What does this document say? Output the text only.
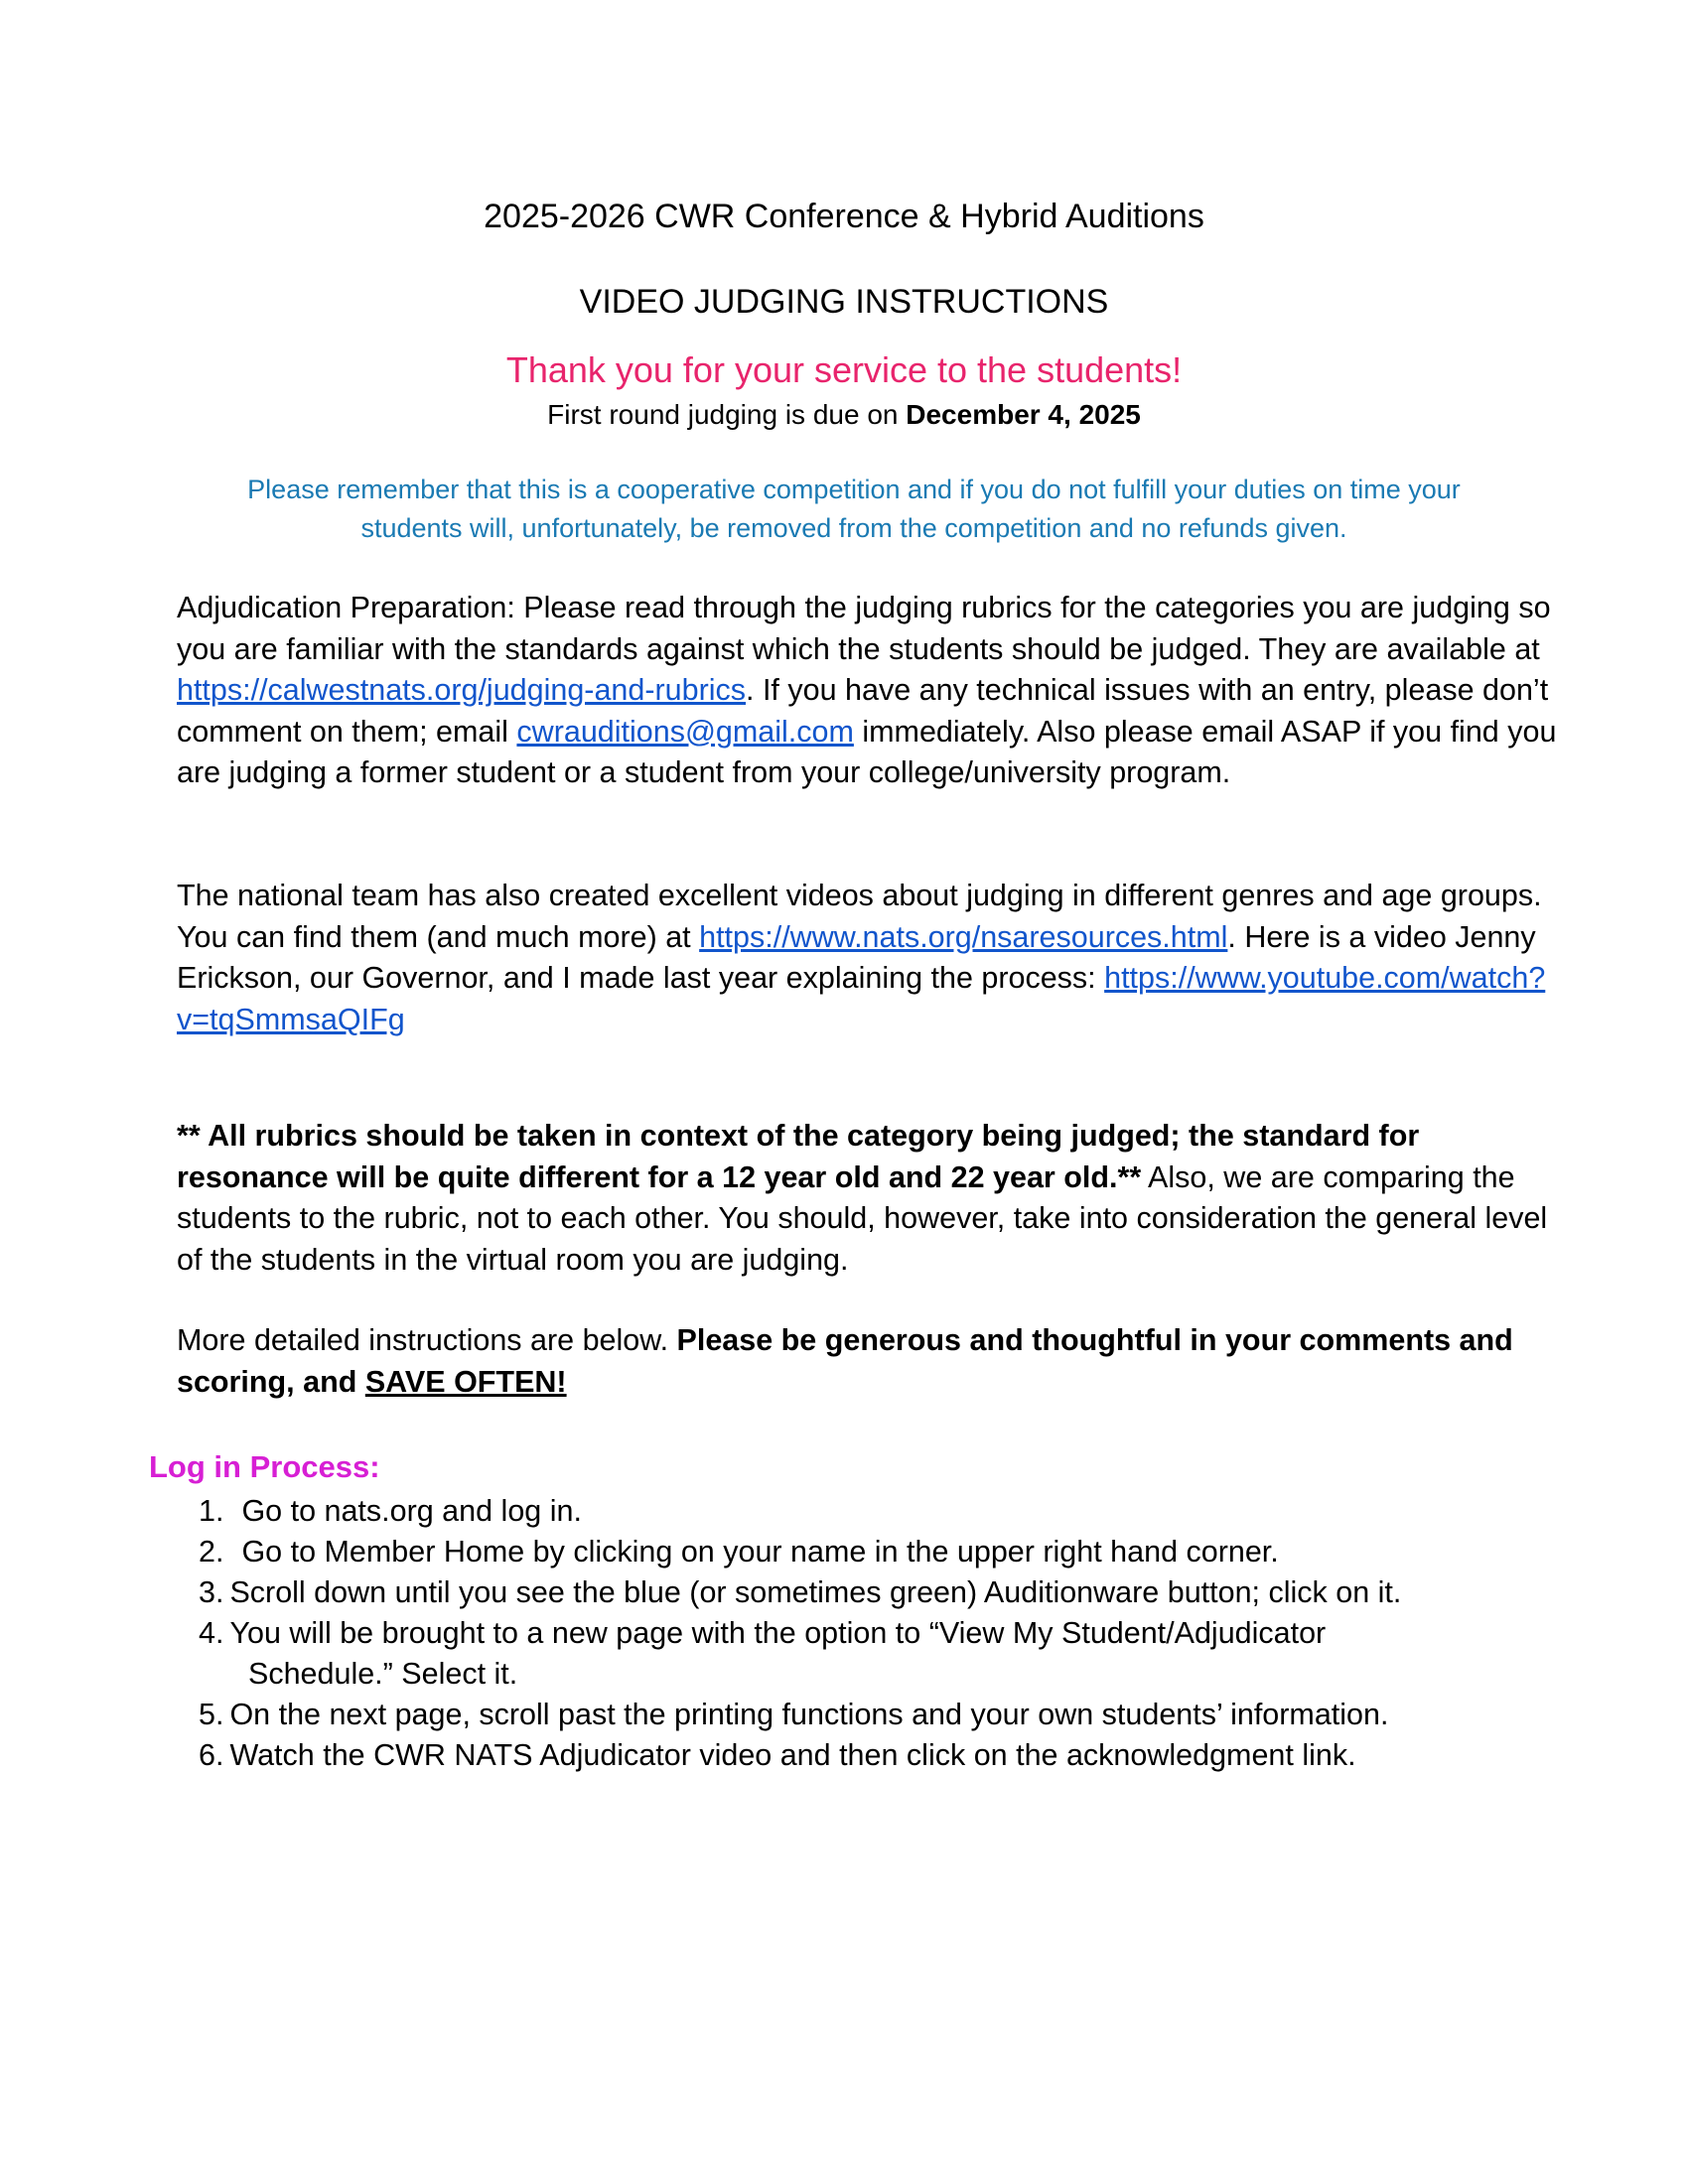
2025-2026 CWR Conference & Hybrid Auditions
VIDEO JUDGING INSTRUCTIONS
Thank you for your service to the students!
First round judging is due on December 4, 2025
Please remember that this is a cooperative competition and if you do not fulfill your duties on time your
students will, unfortunately, be removed from the competition and no refunds given.
Adjudication Preparation: Please read through the judging rubrics for the categories you are judging so you are familiar with the standards against which the students should be judged. They are available at https://calwestnats.org/judging-and-rubrics. If you have any technical issues with an entry, please don’t comment on them; email cwrauditions@gmail.com immediately. Also please email ASAP if you find you are judging a former student or a student from your college/university program.
The national team has also created excellent videos about judging in different genres and age groups. You can find them (and much more) at https://www.nats.org/nsaresources.html. Here is a video Jenny Erickson, our Governor, and I made last year explaining the process: https://www.youtube.com/watch?v=tqSmmsaQIFg
** All rubrics should be taken in context of the category being judged; the standard for resonance will be quite different for a 12 year old and 22 year old.** Also, we are comparing the students to the rubric, not to each other. You should, however, take into consideration the general level of the students in the virtual room you are judging.
More detailed instructions are below. Please be generous and thoughtful in your comments and scoring, and SAVE OFTEN!
Log in Process:
1. Go to nats.org and log in.
2. Go to Member Home by clicking on your name in the upper right hand corner.
3. Scroll down until you see the blue (or sometimes green) Auditionware button; click on it.
4. You will be brought to a new page with the option to “View My Student/Adjudicator
Schedule.” Select it.
5. On the next page, scroll past the printing functions and your own students’ information.
6. Watch the CWR NATS Adjudicator video and then click on the acknowledgment link.
